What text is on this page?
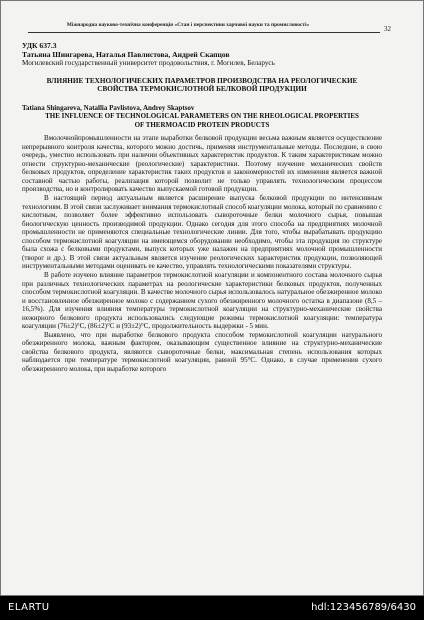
Міжнародна науково-технічна конференція «Стан і перспективи харчової науки та промисловості»	32
УДК 637.3
Татьяна Шингарева, Наталья Павлистова, Андрей Скапцов
Могилевский государственный университет продовольствия, г. Могилев, Беларусь
ВЛИЯНИЕ ТЕХНОЛОГИЧЕСКИХ ПАРАМЕТРОВ ПРОИЗВОДСТВА НА РЕОЛОГИЧЕСКИЕ СВОЙСТВА ТЕРМОКИСЛОТНОЙ БЕЛКОВОЙ ПРОДУКЦИИ
Tatiana Shingareva, Natallia Pavlistova, Andrey Skaptsov
THE INFLUENCE OF TECHNOLOGICAL PARAMETERS ON THE RHEOLOGICAL PROPERTIES OF THERMOACID PROTEIN PRODUCTS

Вмолочнойпромышленности на этапе выработки белковой продукции весьма важным является осуществление непрерывного контроля качества, которого можно достичь, применяя инструментальные методы. Последние, в свою очередь, уместно использовать при наличии объективных характеристик продуктов. К таким характеристикам можно отнести структурно-механические (реологические) характеристики. Поэтому изучение механических свойств белковых продуктов, определение характеристик таких продуктов и закономерностей их изменения является важной составной частью работы, реализация которой позволит не только управлять технологическим процессом производства, но и контролировать качество выпускаемой готовой продукции.

В настоящий период актуальным является расширение выпуска белковой продукции по интенсивным технологиям. В этой связи заслуживает внимания термокислотный способ коагуляции молока, который по сравнению с кислотным, позволяет более эффективно использовать сывороточные белки молочного сырья, повышая биологическую ценность производимой продукции. Однако сегодня для этого способа на предприятиях молочной промышленности не применяются специальные технологические линии. Для того, чтобы вырабатывать продукцию способом термокислотной коагуляции на имеющемся оборудовании необходимо, чтобы эта продукция по структуре была схожа с белковыми продуктами, выпуск которых уже налажен на предприятиях молочной промышленности (творог и др.). В этой связи актуальным является изучение реологических характеристик продукции, позволяющей инструментальными методами оценивать ее качество, управлять технологическими показателями структуры.

В работе изучено влияние параметров термокислотной коагуляции и компонентного состава молочного сырья при различных технологических параметрах на реологические характеристики белковых продуктов, полученных способом термокислотной коагуляции. В качестве молочного сырья использовалось натуральное обезжиренное молоко и восстановленное обезжиренное молоко с содержанием сухого обезжиренного молочного остатка в диапазоне (8,5 – 16,5%). Для изучения влияния температуры термокислотной коагуляции на структурно-механические свойства нежирного белкового продукта использовались следующие режимы термокислотной коагуляции: температура коагуляции (76±2)°С, (86±2)°С и (93±2)°С, продолжительность выдержки - 5 мин.

Выявлено, что при выработке белкового продукта способом термокислотной коагуляции натурального обезжиренного молока, важным фактором, оказывающим существенное влияние на структурно-механические свойства белкового продукта, являются сывороточные белки, максимальная степень использования которых наблюдается при температуре термокислотной коагуляции, равной 95°С. Однако, в случае применения сухого обезжиренного молока, при выработке которого

ELARTU	hdl:123456789/6430
